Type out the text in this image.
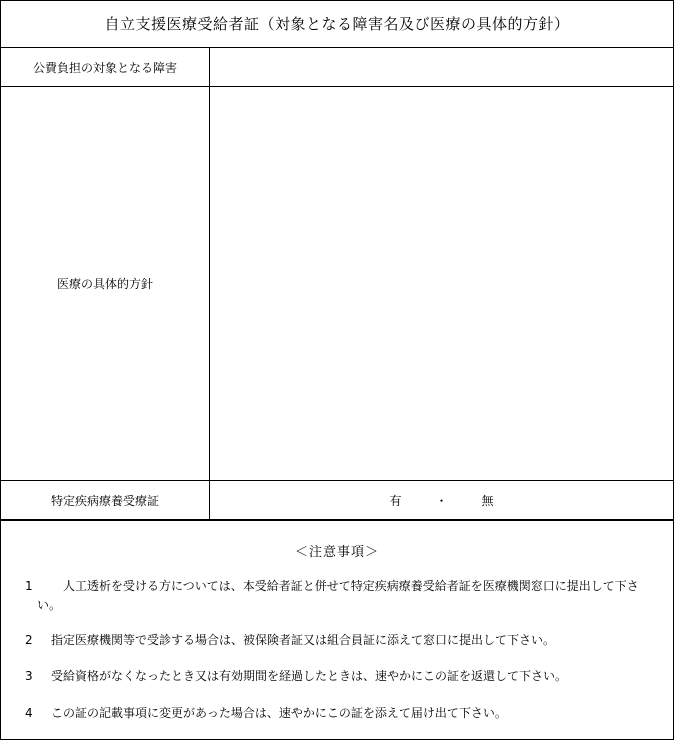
自立支援医療受給者証（対象となる障害名及び医療の具体的方針）
公費負担の対象となる障害
医療の具体的方針
特定疾病療養受療証	有	・	無
＜注意事項＞
1	人工透析を受ける方については、本受給者証と併せて特定疾病療養受給者証を医療機関窓口に提出して下さい。
2	指定医療機関等で受診する場合は、被保険者証又は組合員証に添えて窓口に提出して下さい。
3	受給資格がなくなったとき又は有効期間を経過したときは、速やかにこの証を返還して下さい。
4	この証の記載事項に変更があった場合は、速やかにこの証を添えて届け出て下さい。
